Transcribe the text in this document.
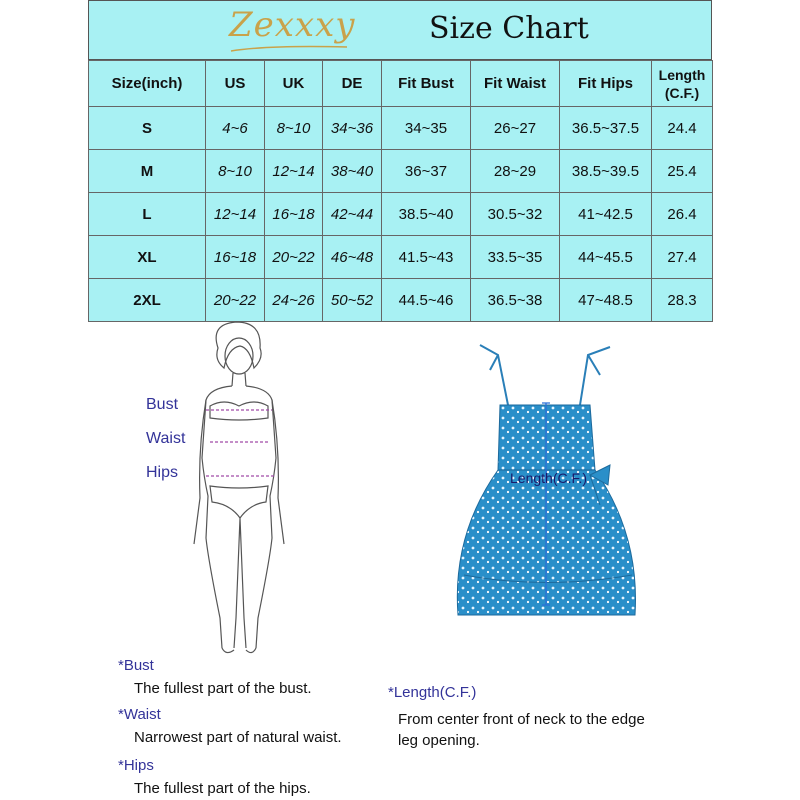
Zexxxy Size Chart
Size(inch)	US	UK	DE	Fit Bust	Fit Waist	Fit Hips	Length (C.F.)
S	4~6	8~10	34~36	34~35	26~27	36.5~37.5	24.4
M	8~10	12~14	38~40	36~37	28~29	38.5~39.5	25.4
L	12~14	16~18	42~44	38.5~40	30.5~32	41~42.5	26.4
XL	16~18	20~22	46~48	41.5~43	33.5~35	44~45.5	27.4
2XL	20~22	24~26	50~52	44.5~46	36.5~38	47~48.5	28.3
Bust
Waist
Hips	Length(C.F.)
*Bust
The fullest part of the bust.
*Waist
Narrowest part of natural waist.
*Hips
The fullest part of the hips.
*Length(C.F.)
From center front of neck to the edge
leg opening.
